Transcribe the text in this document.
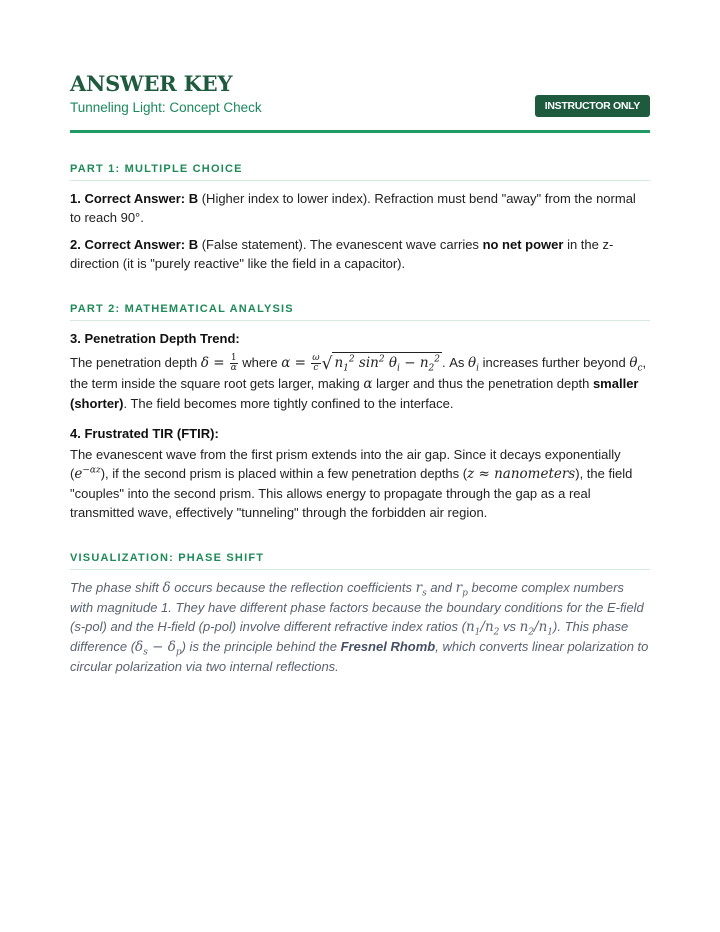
ANSWER KEY
Tunneling Light: Concept Check	INSTRUCTOR ONLY
PART 1: MULTIPLE CHOICE
1. Correct Answer: B (Higher index to lower index). Refraction must bend "away" from the normal to reach 90°.
2. Correct Answer: B (False statement). The evanescent wave carries no net power in the z-direction (it is "purely reactive" like the field in a capacitor).
PART 2: MATHEMATICAL ANALYSIS
3. Penetration Depth Trend:
The penetration depth $\delta = \frac{1}{\alpha}$ where $\alpha = \frac{\omega}{c}$ √ $n_1^2$ $\sin^2 \theta_i - n_2^2$ . As $\theta_i$ increases further beyond $\theta_c$, the term inside the square root gets larger, making α larger and thus the penetration depth smaller (shorter). The field becomes more tightly confined to the interface.
4. Frustrated TIR (FTIR):
The evanescent wave from the first prism extends into the air gap. Since it decays exponentially $(e^{-\alpha z})$, if the second prism is placed within a few penetration depths (z ≈ nanometers), the field "couples" into the second prism. This allows energy to propagate through the gap as a real transmitted wave, effectively "tunneling" through the forbidden air region.
VISUALIZATION: PHASE SHIFT
The phase shift δ occurs because the reflection coefficients $r_s$ and $r_p$ become complex numbers with magnitude 1. They have different phase factors because the boundary conditions for the E-field (s-pol) and the H-field (p-pol) involve different refractive index ratios ($n_1/n_2$ vs $n_2/n_1$). This phase difference $(\delta_s - \delta_p)$ is the principle behind the Fresnel Rhomb, which converts linear polarization to circular polarization via two internal reflections.
